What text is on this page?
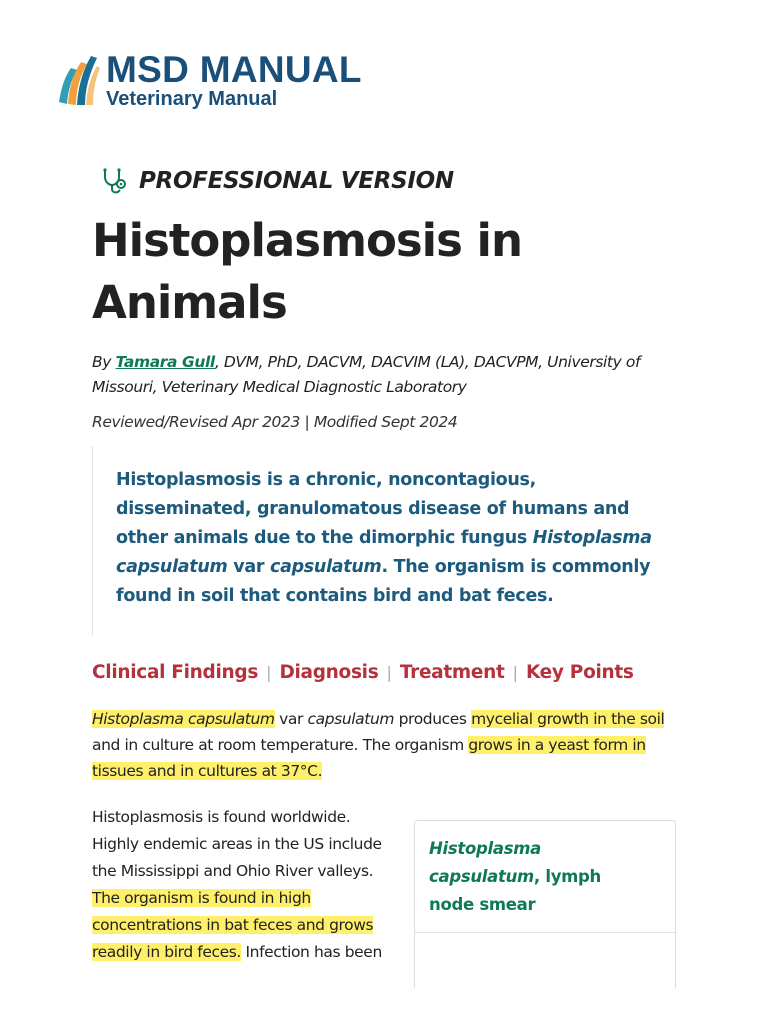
MSD MANUAL
Veterinary Manual
PROFESSIONAL VERSION
Histoplasmosis in Animals
By Tamara Gull, DVM, PhD, DACVM, DACVIM (LA), DACVPM, University of Missouri, Veterinary Medical Diagnostic Laboratory
Reviewed/Revised Apr 2023 | Modified Sept 2024

Histoplasmosis is a chronic, noncontagious, disseminated, granulomatous disease of humans and other animals due to the dimorphic fungus Histoplasma capsulatum var capsulatum. The organism is commonly found in soil that contains bird and bat feces.

Clinical Findings | Diagnosis | Treatment | Key Points

Histoplasma capsulatum var capsulatum produces mycelial growth in the soil and in culture at room temperature. The organism grows in a yeast form in tissues and in cultures at 37°C.

Histoplasmosis is found worldwide. Highly endemic areas in the US include the Mississippi and Ohio River valleys. The organism is found in high concentrations in bat feces and grows readily in bird feces. Infection has been

Histoplasma capsulatum, lymph node smear
